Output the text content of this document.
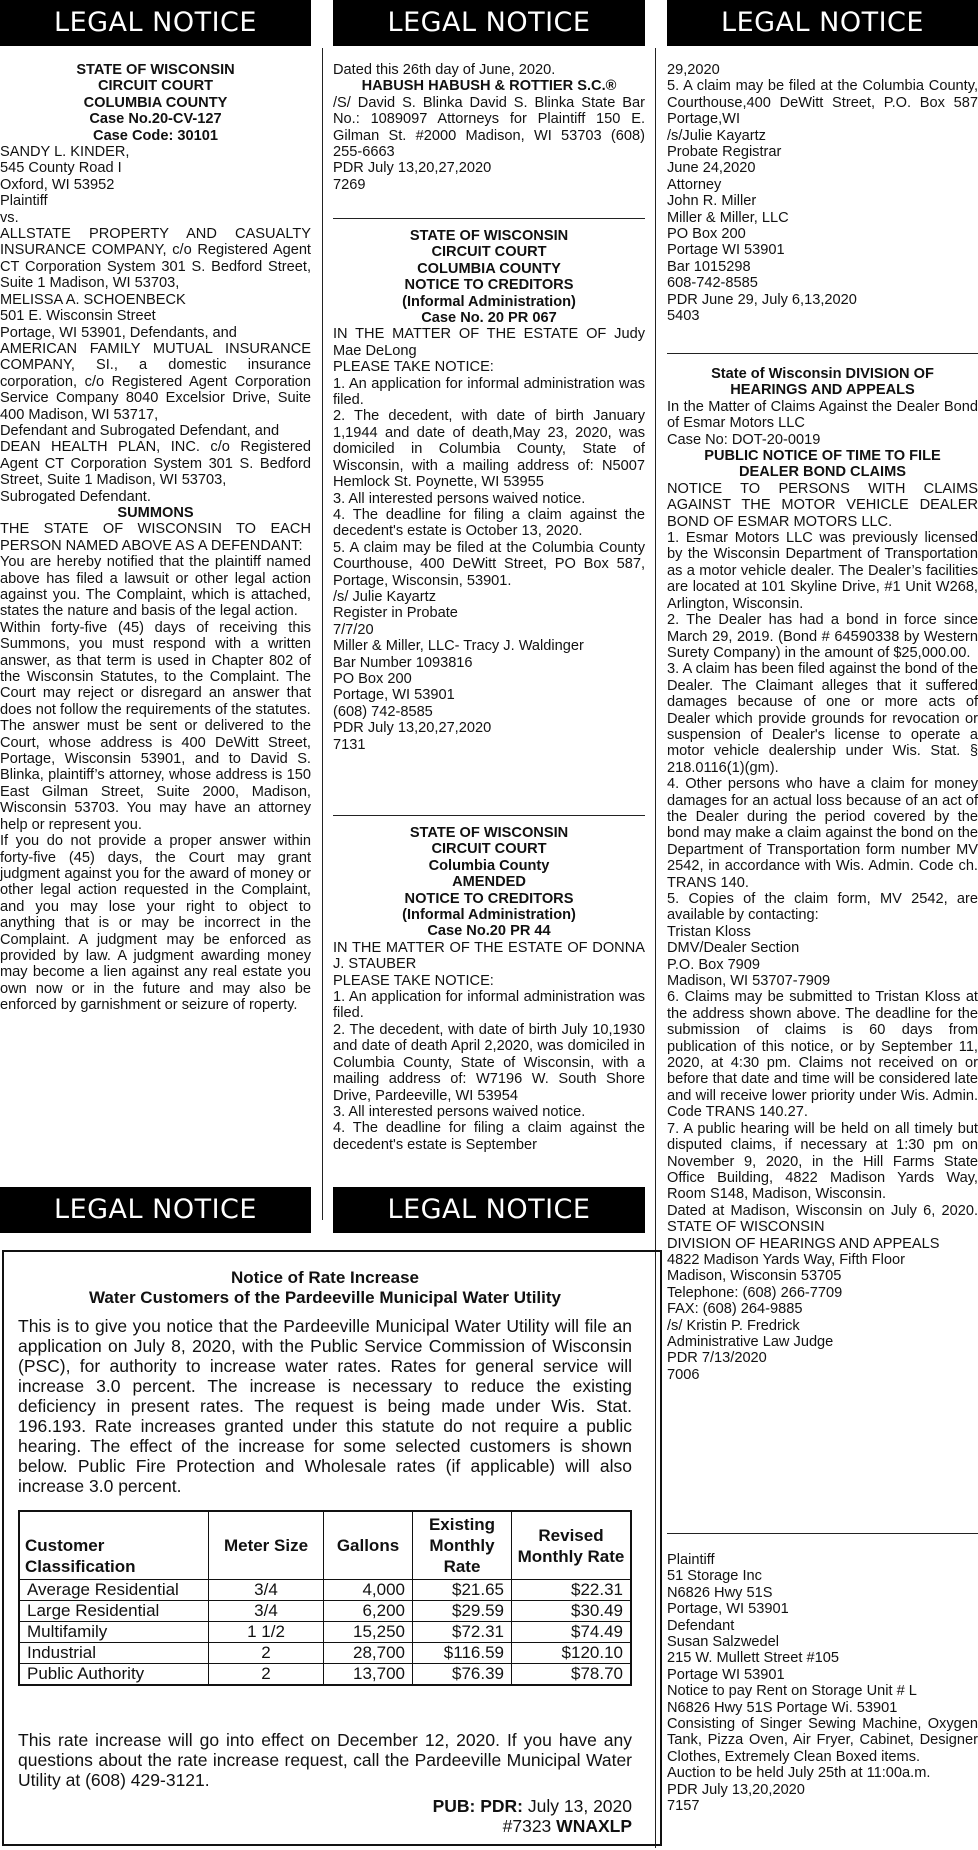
LEGAL NOTICE	LEGAL NOTICE	LEGAL NOTICE
LEGAL NOTICE	LEGAL NOTICE

STATE OF WISCONSIN

CIRCUIT COURT

COLUMBIA COUNTY

Case No.20-CV-127

Case Code: 30101

SANDY L. KINDER,

545 County Road I

Oxford, WI 53952

Plaintiff

vs.

ALLSTATE PROPERTY AND CASUALTY INSURANCE COMPANY, c/o Registered Agent CT Corporation System 301 S. Bedford Street, Suite 1 Madison, WI 53703,

MELISSA A. SCHOENBECK

501 E. Wisconsin Street

Portage, WI 53901, Defendants, and

AMERICAN FAMILY MUTUAL INSURANCE COMPANY, SI., a domestic insurance corporation, c/o Registered Agent Corporation Service Company 8040 Excelsior Drive, Suite 400 Madison, WI 53717,

Defendant and Subrogated Defendant, and

DEAN HEALTH PLAN, INC. c/o Registered Agent CT Corporation System 301 S. Bedford Street, Suite 1 Madison, WI 53703,

Subrogated Defendant.

SUMMONS

THE STATE OF WISCONSIN TO EACH PERSON NAMED ABOVE AS A DEFENDANT:

You are hereby notified that the plaintiff named above has filed a lawsuit or other legal action against you. The Complaint, which is attached, states the nature and basis of the legal action.

Within forty-five (45) days of receiving this Summons, you must respond with a written answer, as that term is used in Chapter 802 of the Wisconsin Statutes, to the Complaint. The Court may reject or disregard an answer that does not follow the requirements of the statutes.

The answer must be sent or delivered to the Court, whose address is 400 DeWitt Street, Portage, Wisconsin 53901, and to David S. Blinka, plaintiff’s attorney, whose address is 150 East Gilman Street, Suite 2000, Madison, Wisconsin 53703. You may have an attorney help or represent you.

If you do not provide a proper answer within forty-five (45) days, the Court may grant judgment against you for the award of money or other legal action requested in the Complaint, and you may lose your right to object to anything that is or may be incorrect in the Complaint. A judgment may be enforced as provided by law. A judgment awarding money may become a lien against any real estate you own now or in the future and may also be enforced by garnishment or seizure of roperty.

Dated this 26th day of June, 2020.

HABUSH HABUSH & ROTTIER S.C.®

/S/ David S. Blinka David S. Blinka State Bar No.: 1089097 Attorneys for Plaintiff 150 E. Gilman St. #2000 Madison, WI 53703 (608) 255-6663

PDR July 13,20,27,2020

7269

STATE OF WISCONSIN

CIRCUIT COURT

COLUMBIA COUNTY

NOTICE TO CREDITORS

(Informal Administration)

Case No. 20 PR 067

IN THE MATTER OF THE ESTATE OF Judy Mae DeLong

PLEASE TAKE NOTICE:

1. An application for informal administration was filed.

2. The decedent, with date of birth January 1,1944 and date of death,May 23, 2020, was domiciled in Columbia County, State of Wisconsin, with a mailing address of: N5007 Hemlock St. Poynette, WI 53955

3. All interested persons waived notice.

4. The deadline for filing a claim against the decedent's estate is October 13, 2020.

5. A claim may be filed at the Columbia County Courthouse, 400 DeWitt Street, PO Box 587, Portage, Wisconsin, 53901.

/s/ Julie Kayartz

Register in Probate

7/7/20

Miller & Miller, LLC- Tracy J. Waldinger

Bar Number 1093816

PO Box 200

Portage, WI 53901

(608) 742-8585

PDR July 13,20,27,2020

7131

STATE OF WISCONSIN

CIRCUIT COURT

Columbia County

AMENDED

NOTICE TO CREDITORS

(Informal Administration)

Case No.20 PR 44

IN THE MATTER OF THE ESTATE OF DONNA J. STAUBER

PLEASE TAKE NOTICE:

1. An application for informal administration was filed.

2. The decedent, with date of birth July 10,1930 and date of death April 2,2020, was domiciled in Columbia County, State of Wisconsin, with a mailing address of: W7196 W. South Shore Drive, Pardeeville, WI 53954

3. All interested persons waived notice.

4. The deadline for filing a claim against the decedent's estate is September

29,2020

5. A claim may be filed at the Columbia County, Courthouse,400 DeWitt Street, P.O. Box 587 Portage,WI

/s/Julie Kayartz

Probate Registrar

June 24,2020

Attorney

John R. Miller

Miller & Miller, LLC

PO Box 200

Portage WI 53901

Bar 1015298

608-742-8585

PDR June 29, July 6,13,2020

5403

State of Wisconsin DIVISION OF

HEARINGS AND APPEALS

In the Matter of Claims Against the Dealer Bond of Esmar Motors LLC

Case No: DOT-20-0019

PUBLIC NOTICE OF TIME TO FILE

DEALER BOND CLAIMS

NOTICE TO PERSONS WITH CLAIMS AGAINST THE MOTOR VEHICLE DEALER BOND OF ESMAR MOTORS LLC.

1. Esmar Motors LLC was previously licensed by the Wisconsin Department of Transportation as a motor vehicle dealer. The Dealer’s facilities are located at 101 Skyline Drive, #1 Unit W268, Arlington, Wisconsin.

2. The Dealer has had a bond in force since March 29, 2019. (Bond # 64590338 by Western Surety Company) in the amount of $25,000.00.

3. A claim has been filed against the bond of the Dealer. The Claimant alleges that it suffered damages because of one or more acts of Dealer which provide grounds for revocation or suspension of Dealer's license to operate a motor vehicle dealership under Wis. Stat. § 218.0116(1)(gm).

4. Other persons who have a claim for money damages for an actual loss because of an act of the Dealer during the period covered by the bond may make a claim against the bond on the Department of Transportation form number MV 2542, in accordance with Wis. Admin. Code ch. TRANS 140.

5. Copies of the claim form, MV 2542, are available by contacting:

Tristan Kloss

DMV/Dealer Section

P.O. Box 7909

Madison, WI 53707-7909

6. Claims may be submitted to Tristan Kloss at the address shown above. The deadline for the submission of claims is 60 days from publication of this notice, or by September 11, 2020, at 4:30 pm. Claims not received on or before that date and time will be considered late and will receive lower priority under Wis. Admin. Code TRANS 140.27.

7. A public hearing will be held on all timely but disputed claims, if necessary at 1:30 pm on November 9, 2020, in the Hill Farms State Office Building, 4822 Madison Yards Way, Room S148, Madison, Wisconsin.

Dated at Madison, Wisconsin on July 6, 2020. STATE OF WISCONSIN

DIVISION OF HEARINGS AND APPEALS

4822 Madison Yards Way, Fifth Floor

Madison, Wisconsin 53705

Telephone: (608) 266-7709

FAX: (608) 264-9885

/s/ Kristin P. Fredrick

Administrative Law Judge

PDR 7/13/2020

7006

Plaintiff

51 Storage Inc

N6826 Hwy 51S

Portage, WI 53901

Defendant

Susan Salzwedel

215 W. Mullett Street #105

Portage WI 53901

Notice to pay Rent on Storage Unit # L

N6826 Hwy 51S Portage Wi. 53901

Consisting of Singer Sewing Machine, Oxygen Tank, Pizza Oven, Air Fryer, Cabinet, Designer Clothes, Extremely Clean Boxed items.

Auction to be held July 25th at 11:00a.m.

PDR July 13,20,2020

7157

Notice of Rate Increase

Water Customers of the Pardeeville Municipal Water Utility

This is to give you notice that the Pardeeville Municipal Water Utility will file an application on July 8, 2020, with the Public Service Commission of Wisconsin (PSC), for authority to increase water rates. Rates for general service will increase 3.0 percent. The increase is necessary to reduce the existing deficiency in present rates. The request is being made under Wis. Stat. 196.193. Rate increases granted under this statute do not require a public hearing. The effect of the increase for some selected customers is shown below. Public Fire Protection and Wholesale rates (if applicable) will also increase 3.0 percent.

Customer Classification	Meter Size	Gallons	Existing Monthly Rate	Revised Monthly Rate
Average Residential	3/4	4,000	$21.65	$22.31
Large Residential	3/4	6,200	$29.59	$30.49
Multifamily	1 1/2	15,250	$72.31	$74.49
Industrial	2	28,700	$116.59	$120.10
Public Authority	2	13,700	$76.39	$78.70

This rate increase will go into effect on December 12, 2020. If you have any questions about the rate increase request, call the Pardeeville Municipal Water Utility at (608) 429-3121.

PUB: PDR: July 13, 2020

#7323 WNAXLP
